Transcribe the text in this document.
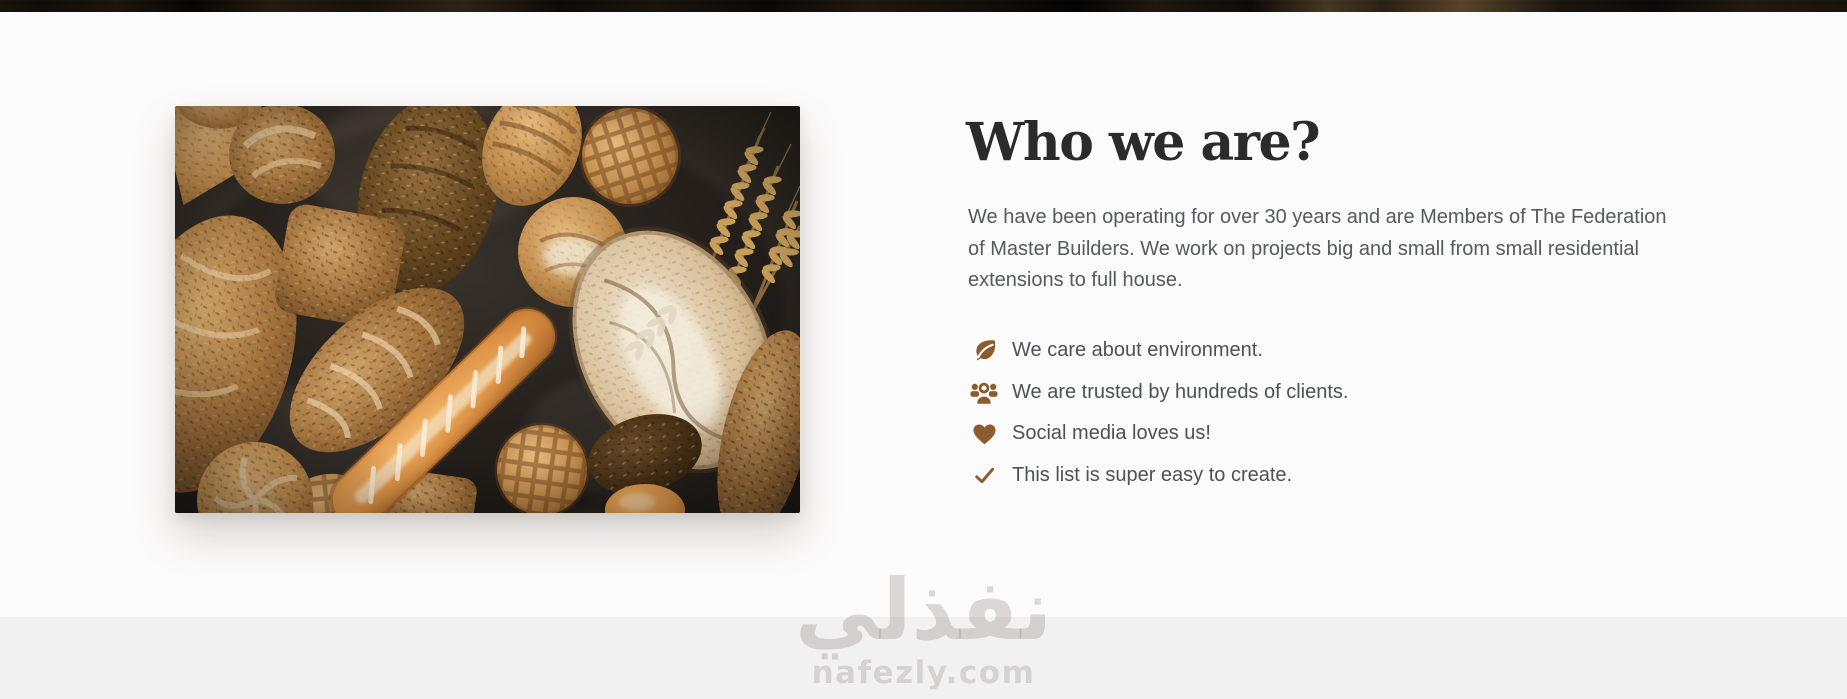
Who we are?
We have been operating for over 30 years and are Members of The Federation
of Master Builders. We work on projects big and small from small residential
extensions to full house.
We care about environment.
We are trusted by hundreds of clients.
Social media loves us!
This list is super easy to create.
نفذلي
nafezly.com
